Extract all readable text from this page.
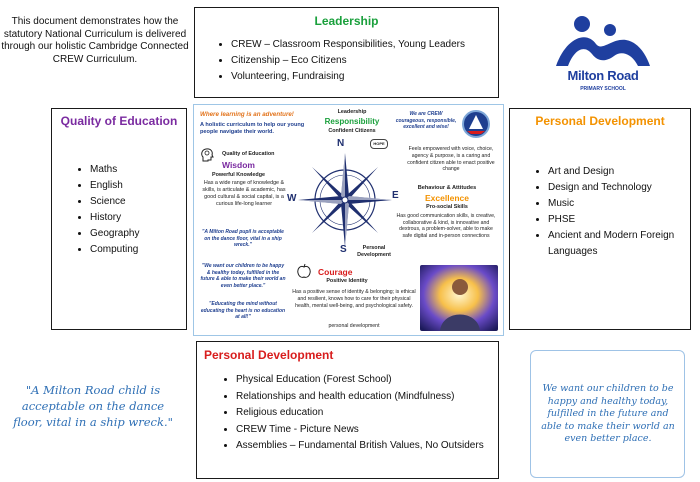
This document demonstrates how the statutory National Curriculum is delivered through our holistic Cambridge Connected CREW Curriculum.
Leadership
• CREW – Classroom Responsibilities, Young Leaders
• Citizenship – Eco Citizens
• Volunteering, Fundraising	Milton Road
PRIMARY SCHOOL
Quality of Education
• Maths
• English
• Science
• History
• Geography
• Computing
Personal Development
• Art and Design
• Design and Technology
• Music
• PHSE
• Ancient and Modern Foreign Languages
Where learning is an adventure!
A holistic curriculum to help our young people navigate their world.
Leadership
Responsibility
Confident Citizens
HOPE
We are CREW courageous, responsible, excellent and wise!
Feels empowered with voice, choice, agency & purpose, is a caring and confident citizen able to enact positive change
Quality of Education
Wisdom
Powerful Knowledge
Has a wide range of knowledge & skills, is articulate & academic, has good cultural & social capital, is a curious life-long learner
"A Milton Road pupil is acceptable on the dance floor, vital in a ship wreck."
"We want our children to be happy & healthy today, fulfilled in the future & able to make their world an even better place."
"Educating the mind without educating the heart is no education at all!"
N
S
W	E
Behaviour & Attitudes
Excellence
Pro-social Skills
Has good communication skills, is creative, collaborative & kind, is innovative and dextrous, a problem-solver, able to make safe digital and in-person connections
Personal Development
Courage
Positive Identity
Has a positive sense of identity & belonging; is ethical and resilient, knows how to care for their physical health, mental well-being, and psychological safety.
personal development
Personal Development
• Physical Education (Forest School)
• Relationships and health education (Mindfulness)
• Religious education
• CREW Time - Picture News
• Assemblies – Fundamental British Values, No Outsiders
"A Milton Road child is acceptable on the dance floor, vital in a ship wreck."
We want our children to be happy and healthy today, fulfilled in the future and able to make their world an even better place.
